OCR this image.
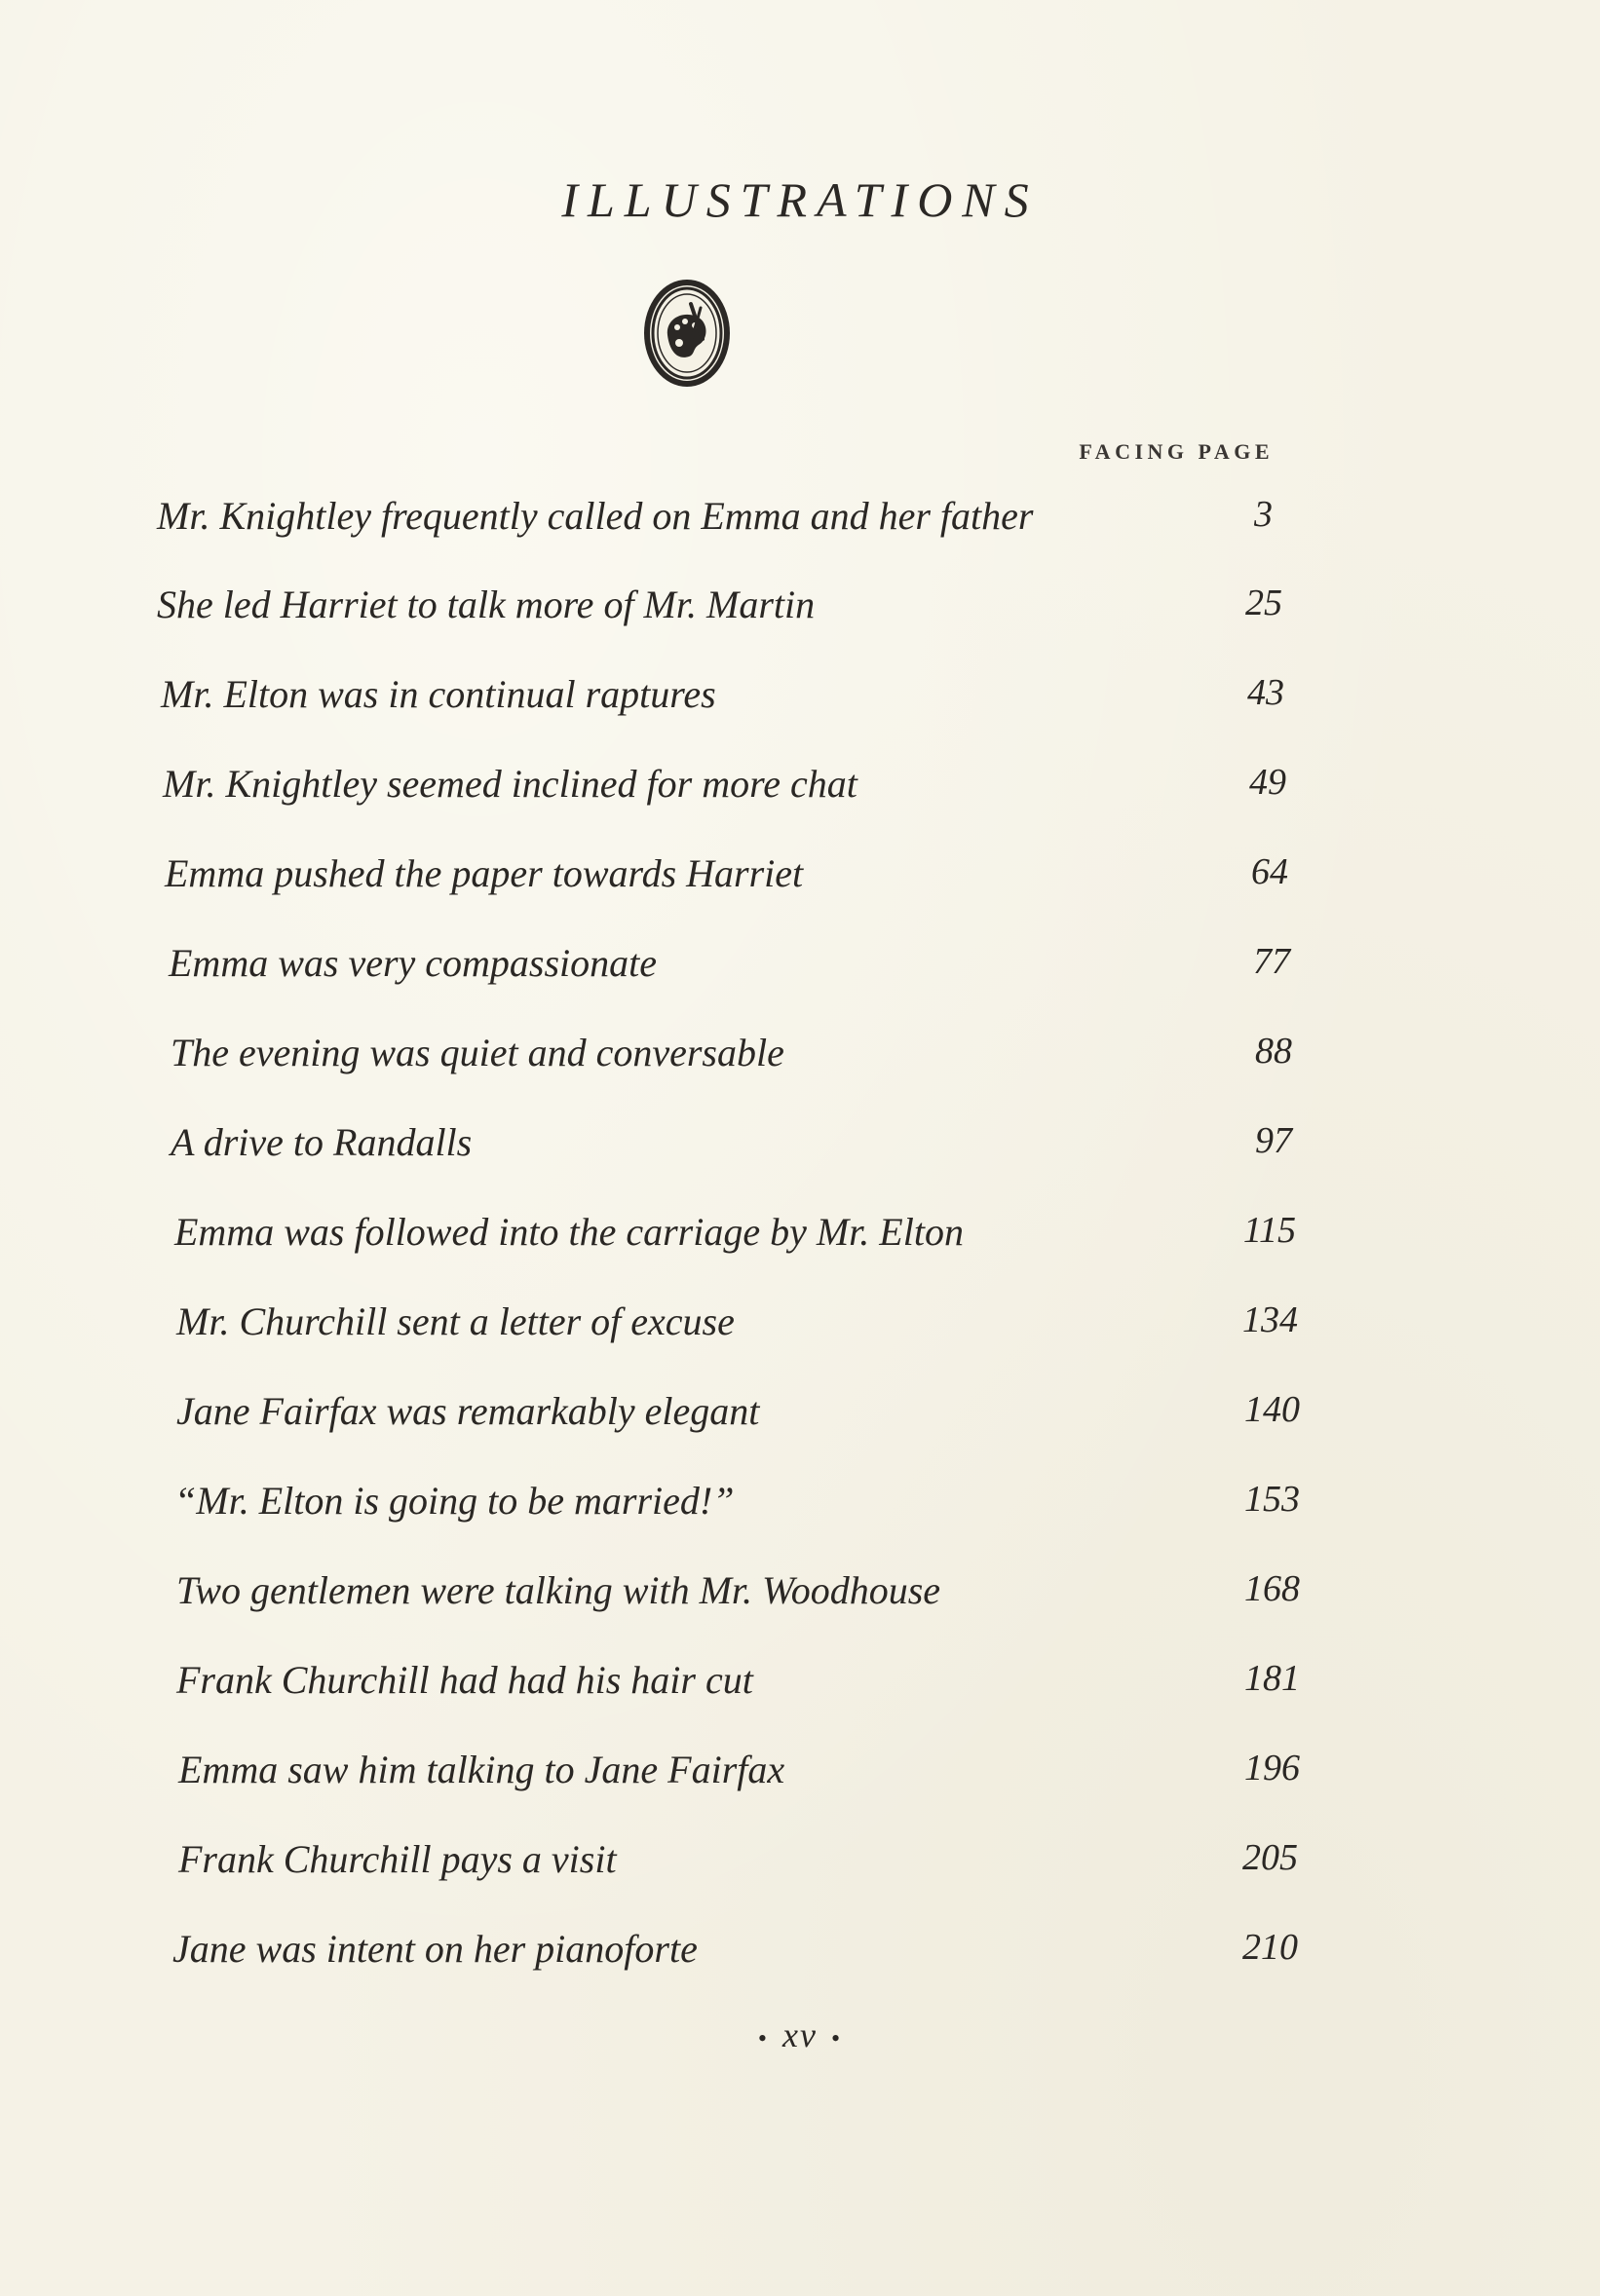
ILLUSTRATIONS
FACING PAGE
Mr. Knightley frequently called on Emma and her father	3
She led Harriet to talk more of Mr. Martin	25
Mr. Elton was in continual raptures	43
Mr. Knightley seemed inclined for more chat	49
Emma pushed the paper towards Harriet	64
Emma was very compassionate	77
The evening was quiet and conversable	88
A drive to Randalls	97
Emma was followed into the carriage by Mr. Elton	115
Mr. Churchill sent a letter of excuse	134
Jane Fairfax was remarkably elegant	140
“Mr. Elton is going to be married!”	153
Two gentlemen were talking with Mr. Woodhouse	168
Frank Churchill had had his hair cut	181
Emma saw him talking to Jane Fairfax	196
Frank Churchill pays a visit	205
Jane was intent on her pianoforte	210
• xv •
